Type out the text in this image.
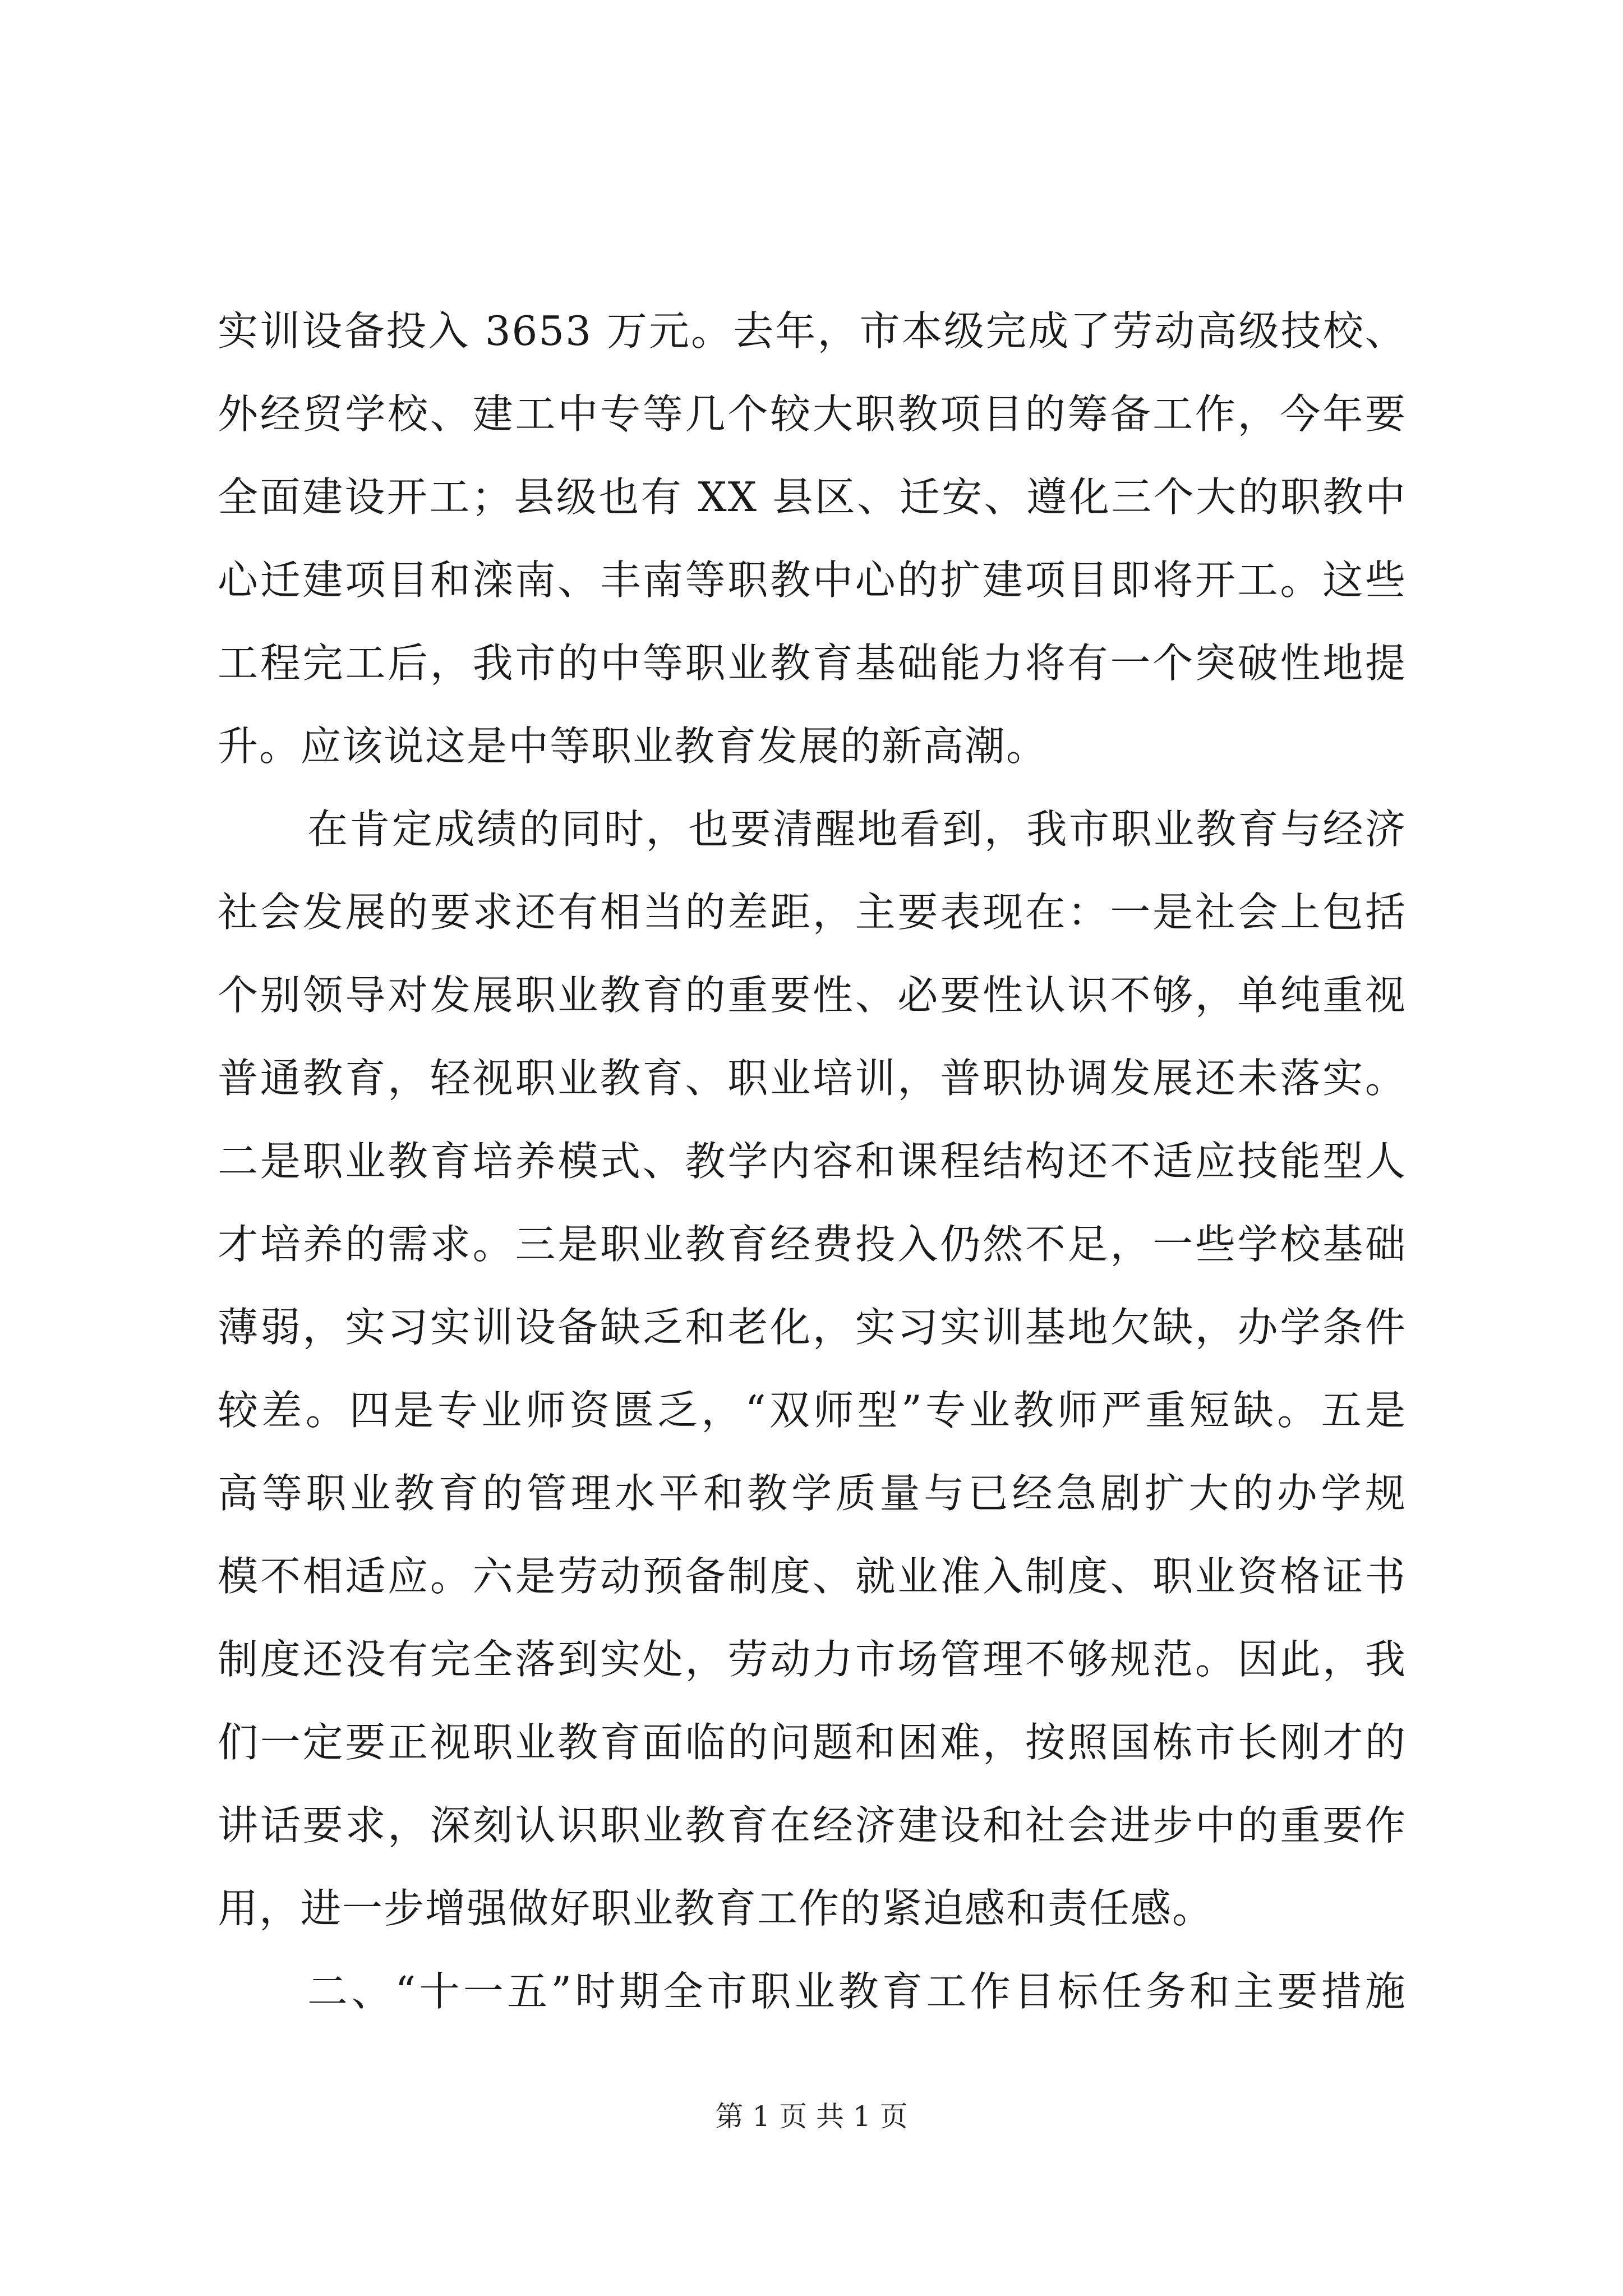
实训设备投入 3653 万元。去年，市本级完成了劳动高级技校、
外经贸学校、建工中专等几个较大职教项目的筹备工作，今年要
全面建设开工；县级也有 XX 县区、迁安、遵化三个大的职教中
心迁建项目和滦南、丰南等职教中心的扩建项目即将开工。这些
工程完工后，我市的中等职业教育基础能力将有一个突破性地提
升。应该说这是中等职业教育发展的新高潮。
在肯定成绩的同时，也要清醒地看到，我市职业教育与经济
社会发展的要求还有相当的差距，主要表现在：一是社会上包括
个别领导对发展职业教育的重要性、必要性认识不够，单纯重视
普通教育，轻视职业教育、职业培训，普职协调发展还未落实。
二是职业教育培养模式、教学内容和课程结构还不适应技能型人
才培养的需求。三是职业教育经费投入仍然不足，一些学校基础
薄弱，实习实训设备缺乏和老化，实习实训基地欠缺，办学条件
较差。四是专业师资匮乏，“双师型”专业教师严重短缺。五是
高等职业教育的管理水平和教学质量与已经急剧扩大的办学规
模不相适应。六是劳动预备制度、就业准入制度、职业资格证书
制度还没有完全落到实处，劳动力市场管理不够规范。因此，我
们一定要正视职业教育面临的问题和困难，按照国栋市长刚才的
讲话要求，深刻认识职业教育在经济建设和社会进步中的重要作
用，进一步增强做好职业教育工作的紧迫感和责任感。
二、“十一五”时期全市职业教育工作目标任务和主要措施
第 1 页 共 1 页
